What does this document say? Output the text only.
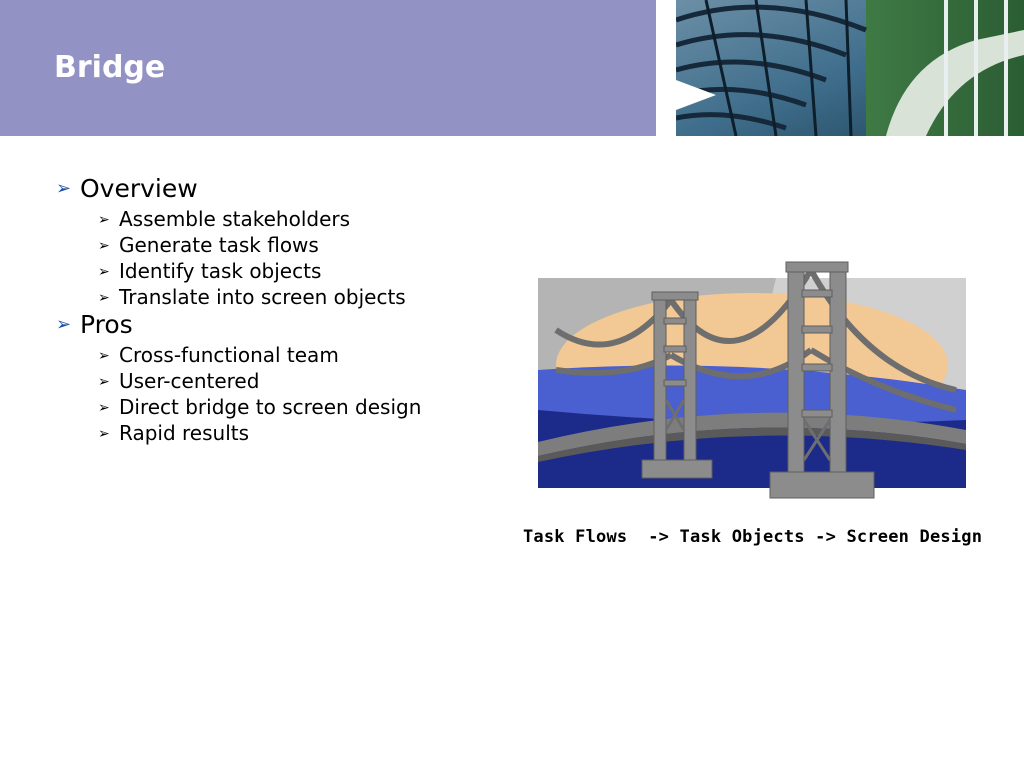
Bridge
➢ Overview
➢ Assemble stakeholders
➢ Generate task flows
➢ Identify task objects
➢ Translate into screen objects
➢ Pros
➢ Cross-functional team
➢ User-centered
➢ Direct bridge to screen design
➢ Rapid results

Task Flows  -> Task Objects -> Screen Design
